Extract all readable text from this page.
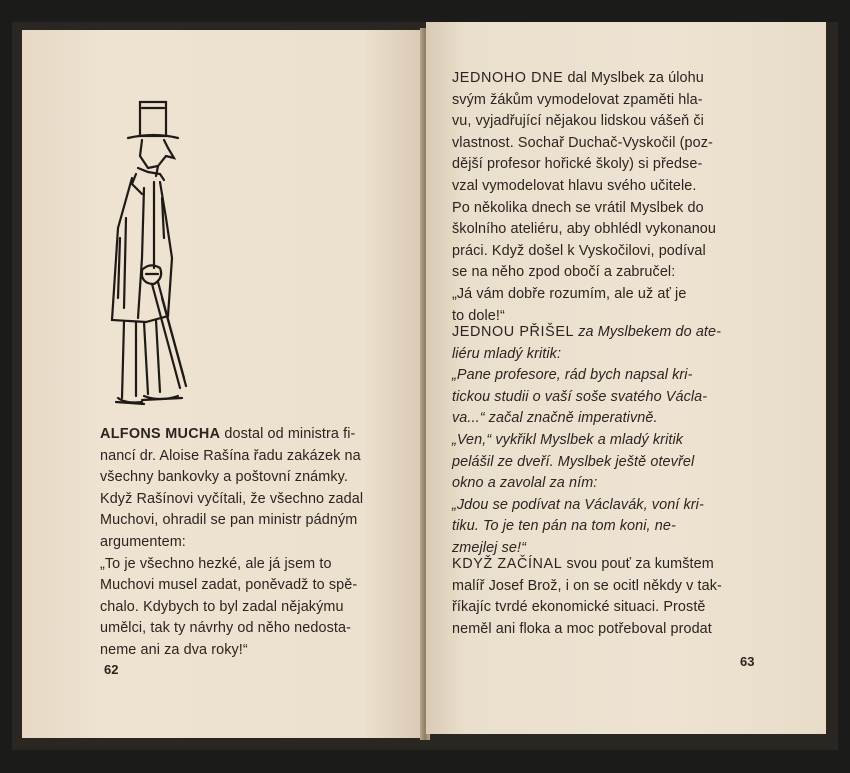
ALFONS MUCHA dostal od ministra fi-

nancí dr. Aloise Rašína řadu zakázek na

všechny bankovky a poštovní známky.

Když Rašínovi vyčítali, že všechno zadal

Muchovi, ohradil se pan ministr pádným

argumentem:

„To je všechno hezké, ale já jsem to

Muchovi musel zadat, poněvadž to spě-

chalo. Kdybych to byl zadal nějakýmu

umělci, tak ty návrhy od něho nedosta-

neme ani za dva roky!“

62

JEDNOHO DNE dal Myslbek za úlohu

svým žákům vymodelovat zpaměti hla-

vu, vyjadřující nějakou lidskou vášeň či

vlastnost. Sochař Duchač-Vyskočil (poz-

dější profesor hořické školy) si předse-

vzal vymodelovat hlavu svého učitele.

Po několika dnech se vrátil Myslbek do

školního ateliéru, aby obhlédl vykonanou

práci. Když došel k Vyskočilovi, podíval

se na něho zpod obočí a zabručel:

„Já vám dobře rozumím, ale už ať je

to dole!“

JEDNOU PŘIŠEL za Myslbekem do ate-

liéru mladý kritik:

„Pane profesore, rád bych napsal kri-

tickou studii o vaší soše svatého Václa-

va...“ začal značně imperativně.

„Ven,“ vykřikl Myslbek a mladý kritik

pelášil ze dveří. Myslbek ještě otevřel

okno a zavolal za ním:

„Jdou se podívat na Václavák, voní kri-

tiku. To je ten pán na tom koni, ne-

zmejlej se!“

KDYŽ ZAČÍNAL svou pouť za kumštem

malíř Josef Brož, i on se ocitl někdy v tak-

říkajíc tvrdé ekonomické situaci. Prostě

neměl ani floka a moc potřeboval prodat

63
